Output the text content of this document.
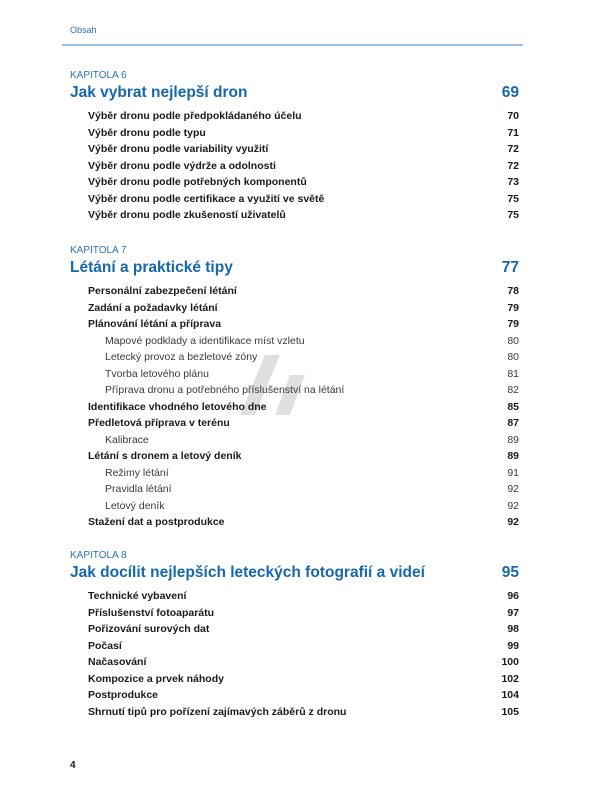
Obsah
KAPITOLA 6
Jak vybrat nejlepší dron	69
Výběr dronu podle předpokládaného účelu	70
Výběr dronu podle typu	71
Výběr dronu podle variability využití	72
Výběr dronu podle výdrže a odolnosti	72
Výběr dronu podle potřebných komponentů	73
Výběr dronu podle certifikace a využití ve světě	75
Výběr dronu podle zkušeností uživatelů	75
KAPITOLA 7
Létání a praktické tipy	77
Personální zabezpečení létání	78
Zadání a požadavky létání	79
Plánování létání a příprava	79
Mapové podklady a identifikace míst vzletu	80
Letecký provoz a bezletové zóny	80
Tvorba letového plánu	81
Příprava dronu a potřebného příslušenství na létání	82
Identifikace vhodného letového dne	85
Předletová příprava v terénu	87
Kalibrace	89
Létání s dronem a letový deník	89
Režimy létání	91
Pravidla létání	92
Letový deník	92
Stažení dat a postprodukce	92
KAPITOLA 8
Jak docílit nejlepších leteckých fotografií a videí	95
Technické vybavení	96
Příslušenství fotoaparátu	97
Pořizování surových dat	98
Počasí	99
Načasování	100
Kompozice a prvek náhody	102
Postprodukce	104
Shrnutí tipů pro pořízení zajímavých záběrů z dronu	105
4
